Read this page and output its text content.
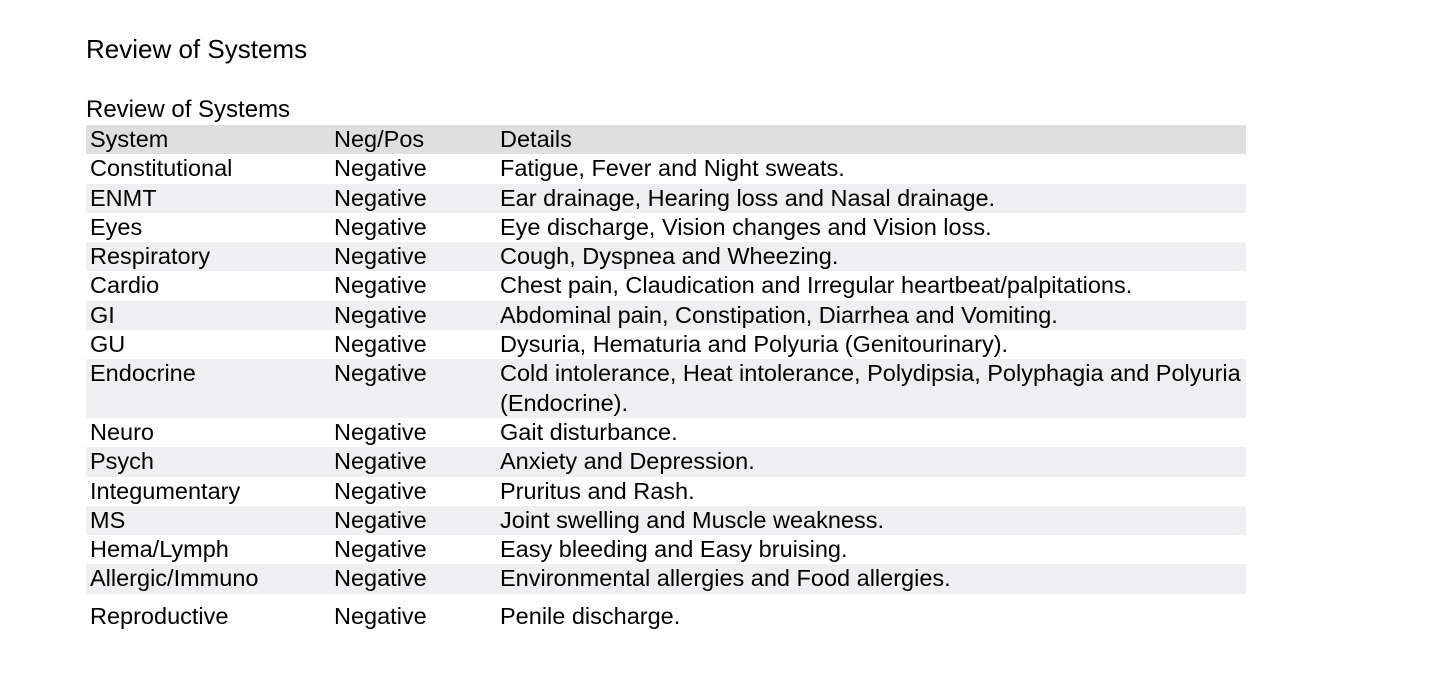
Review of Systems
Review of Systems
System	Neg/Pos	Details
Constitutional	Negative	Fatigue, Fever and Night sweats.
ENMT	Negative	Ear drainage, Hearing loss and Nasal drainage.
Eyes	Negative	Eye discharge, Vision changes and Vision loss.
Respiratory	Negative	Cough, Dyspnea and Wheezing.
Cardio	Negative	Chest pain, Claudication and Irregular heartbeat/palpitations.
GI	Negative	Abdominal pain, Constipation, Diarrhea and Vomiting.
GU	Negative	Dysuria, Hematuria and Polyuria (Genitourinary).
Endocrine	Negative	Cold intolerance, Heat intolerance, Polydipsia, Polyphagia and Polyuria (Endocrine).
Neuro	Negative	Gait disturbance.
Psych	Negative	Anxiety and Depression.
Integumentary	Negative	Pruritus and Rash.
MS	Negative	Joint swelling and Muscle weakness.
Hema/Lymph	Negative	Easy bleeding and Easy bruising.
Allergic/Immuno	Negative	Environmental allergies and Food allergies.
Reproductive	Negative	Penile discharge.
